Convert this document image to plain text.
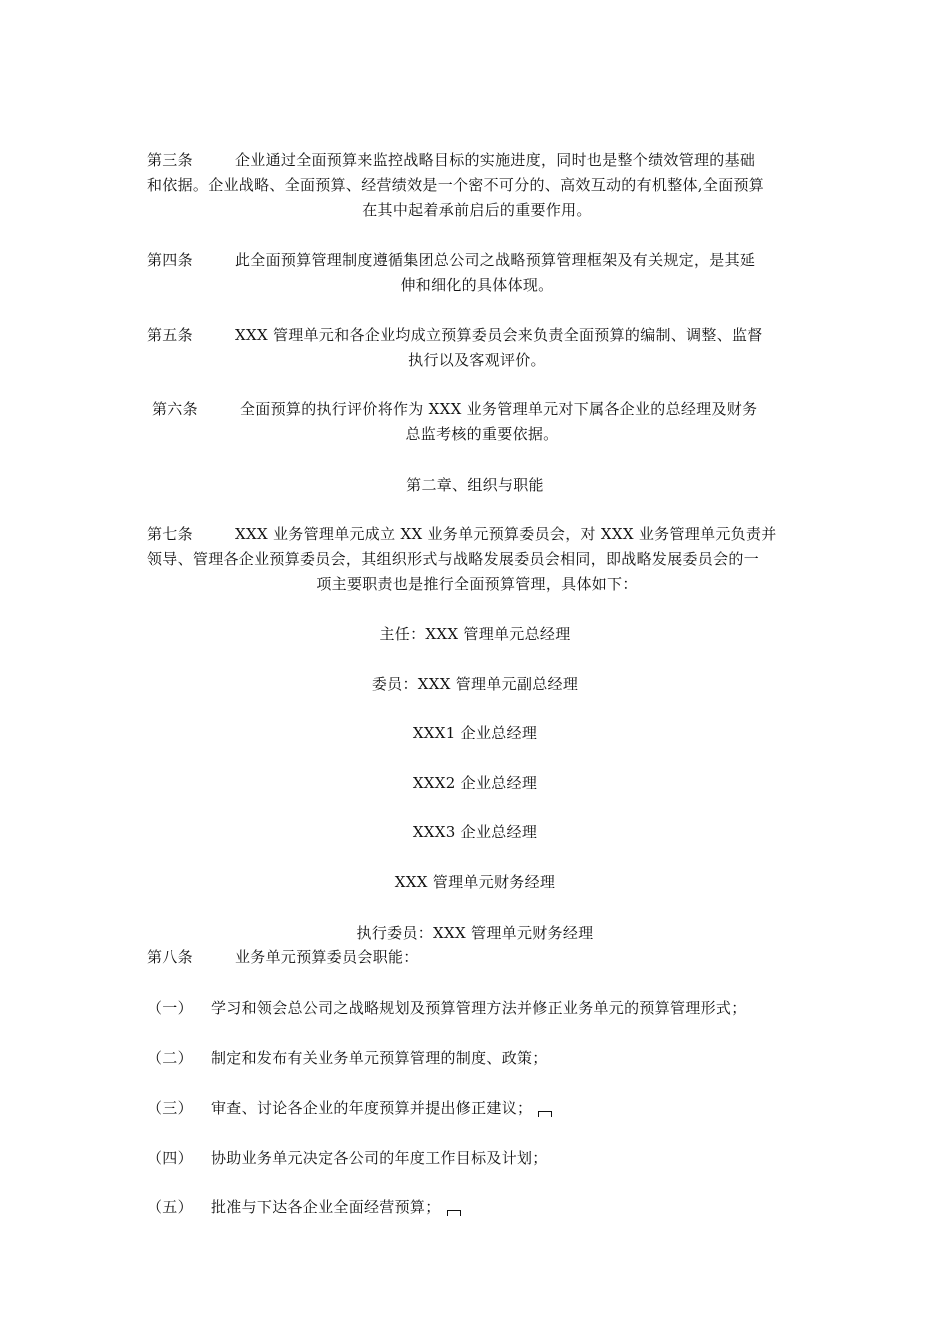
第三条	企业通过全面预算来监控战略目标的实施进度，同时也是整个绩效管理的基础
和依据。企业战略、全面预算、经营绩效是一个密不可分的、高效互动的有机整体,全面预算
在其中起着承前启后的重要作用。
第四条	此全面预算管理制度遵循集团总公司之战略预算管理框架及有关规定，是其延
伸和细化的具体体现。
第五条	XXX 管理单元和各企业均成立预算委员会来负责全面预算的编制、调整、监督
执行以及客观评价。
第六条	全面预算的执行评价将作为 XXX 业务管理单元对下属各企业的总经理及财务
总监考核的重要依据。
第二章、组织与职能
第七条	XXX 业务管理单元成立 XX 业务单元预算委员会，对 XXX 业务管理单元负责并
领导、管理各企业预算委员会，其组织形式与战略发展委员会相同，即战略发展委员会的一
项主要职责也是推行全面预算管理，具体如下：
主任：XXX 管理单元总经理
委员：XXX 管理单元副总经理
XXX1 企业总经理
XXX2 企业总经理
XXX3 企业总经理
XXX 管理单元财务经理
执行委员：XXX 管理单元财务经理
第八条	业务单元预算委员会职能：
（一） 学习和领会总公司之战略规划及预算管理方法并修正业务单元的预算管理形式；
（二） 制定和发布有关业务单元预算管理的制度、政策；
（三） 审查、讨论各企业的年度预算并提出修正建议；
（四） 协助业务单元决定各公司的年度工作目标及计划；
（五） 批准与下达各企业全面经营预算；
